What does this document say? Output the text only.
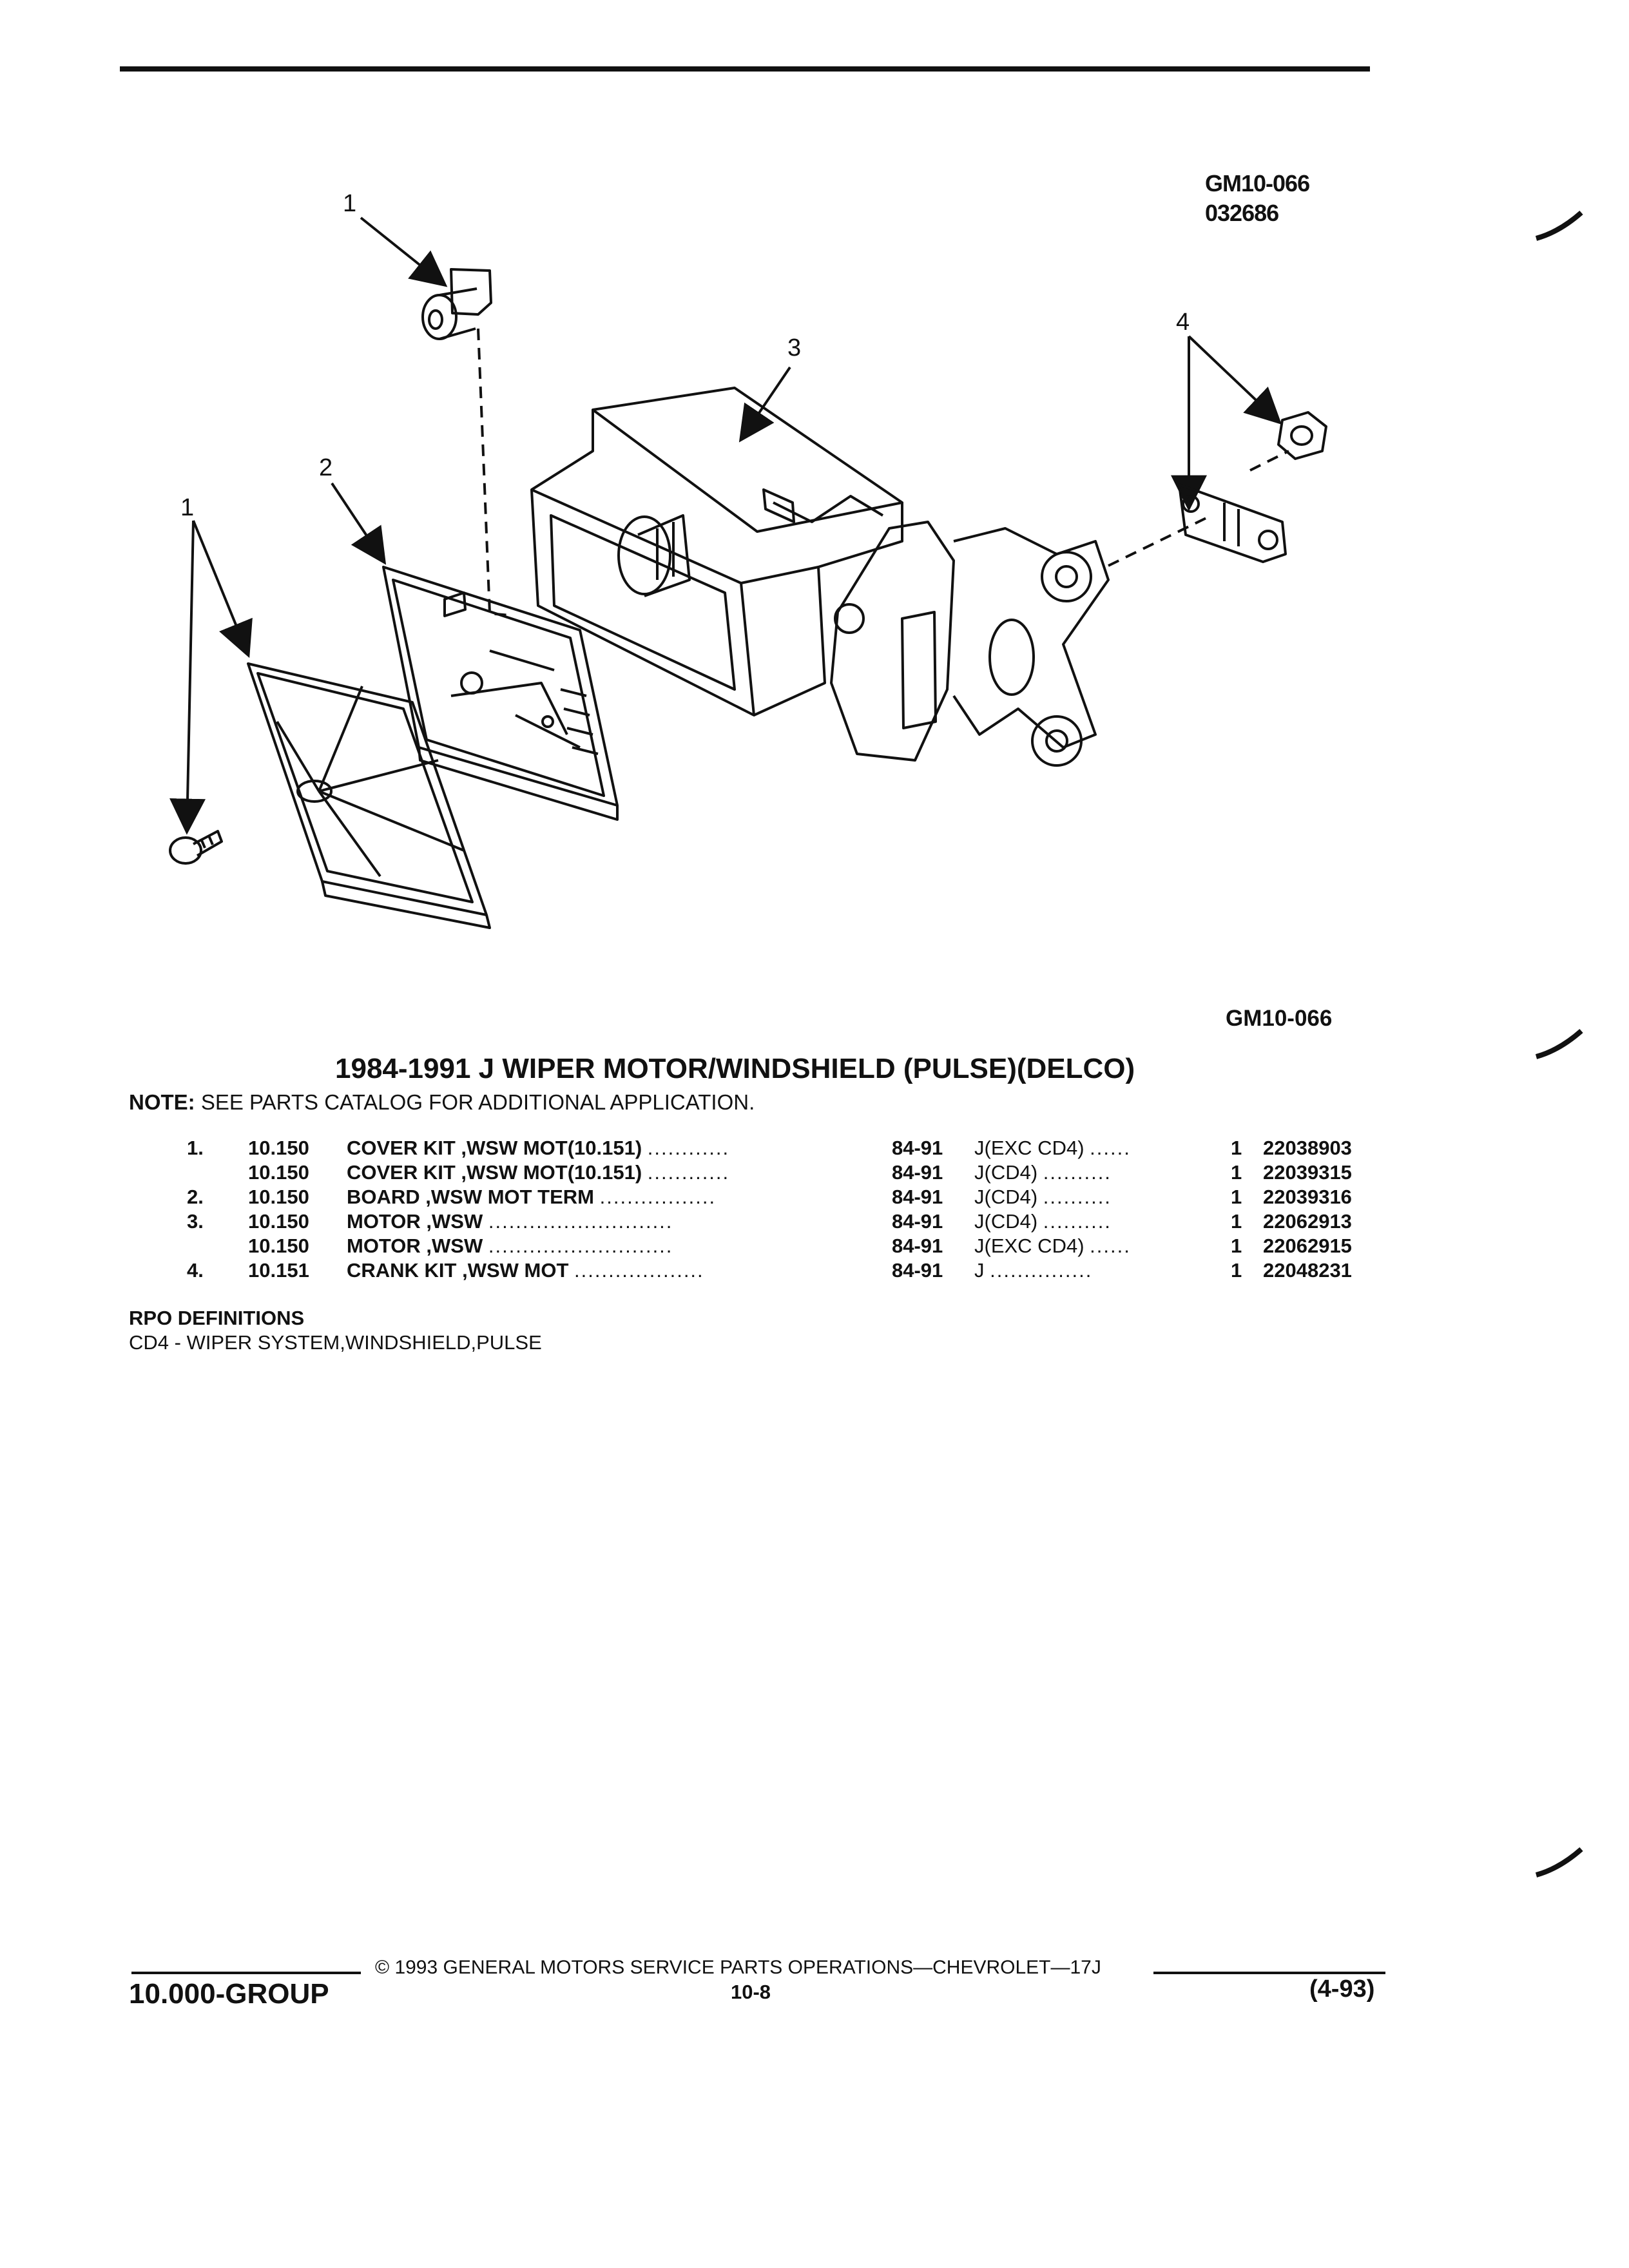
GM10-066
032686
1
1
2
3
4
GM10-066
1984-1991 J WIPER MOTOR/WINDSHIELD (PULSE)(DELCO)
NOTE: SEE PARTS CATALOG FOR ADDITIONAL APPLICATION.
1. 10.150 COVER KIT ,WSW MOT(10.151) ............	84-91 J(EXC CD4) ......	1 22038903
10.150 COVER KIT ,WSW MOT(10.151) ............	84-91 J(CD4) ..........	1 22039315
2. 10.150 BOARD ,WSW MOT TERM .................	84-91 J(CD4) ..........	1 22039316
3. 10.150 MOTOR ,WSW ...........................	84-91 J(CD4) ..........	1 22062913
10.150 MOTOR ,WSW ...........................	84-91 J(EXC CD4) ......	1 22062915
4. 10.151 CRANK KIT ,WSW MOT ...................	84-91 J ...............	1 22048231
RPO DEFINITIONS
CD4 - WIPER SYSTEM,WINDSHIELD,PULSE
© 1993 GENERAL MOTORS SERVICE PARTS OPERATIONS—CHEVROLET—17J
10.000-GROUP	10-8	(4-93)
